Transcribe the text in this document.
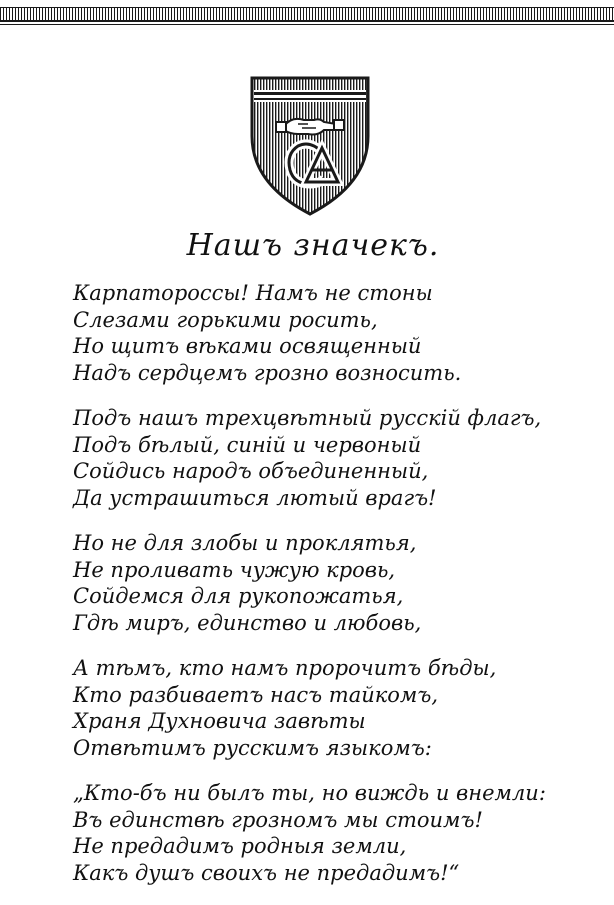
Нашъ значекъ.
Карпатороссы! Намъ не стоны
Слезами горькими росить,
Но щитъ вѣками освященный
Надъ сердцемъ грозно возносить.
Подъ нашъ трехцвѣтный русскій флагъ,
Подъ бѣлый, синій и червоный
Сойдись народъ объединенный,
Да устрашиться лютый врагъ!
Но не для злобы и проклятья,
Не проливать чужую кровь,
Сойдемся для рукопожатья,
Гдѣ миръ, единство и любовь,
А тѣмъ, кто намъ пророчитъ бѣды,
Кто разбиваетъ насъ тайкомъ,
Храня Духновича завѣты
Отвѣтимъ русскимъ языкомъ:
„Кто-бъ ни былъ ты, но виждь и внемли:
Въ единствѣ грозномъ мы стоимъ!
Не предадимъ родныя земли,
Какъ душъ своихъ не предадимъ!“
